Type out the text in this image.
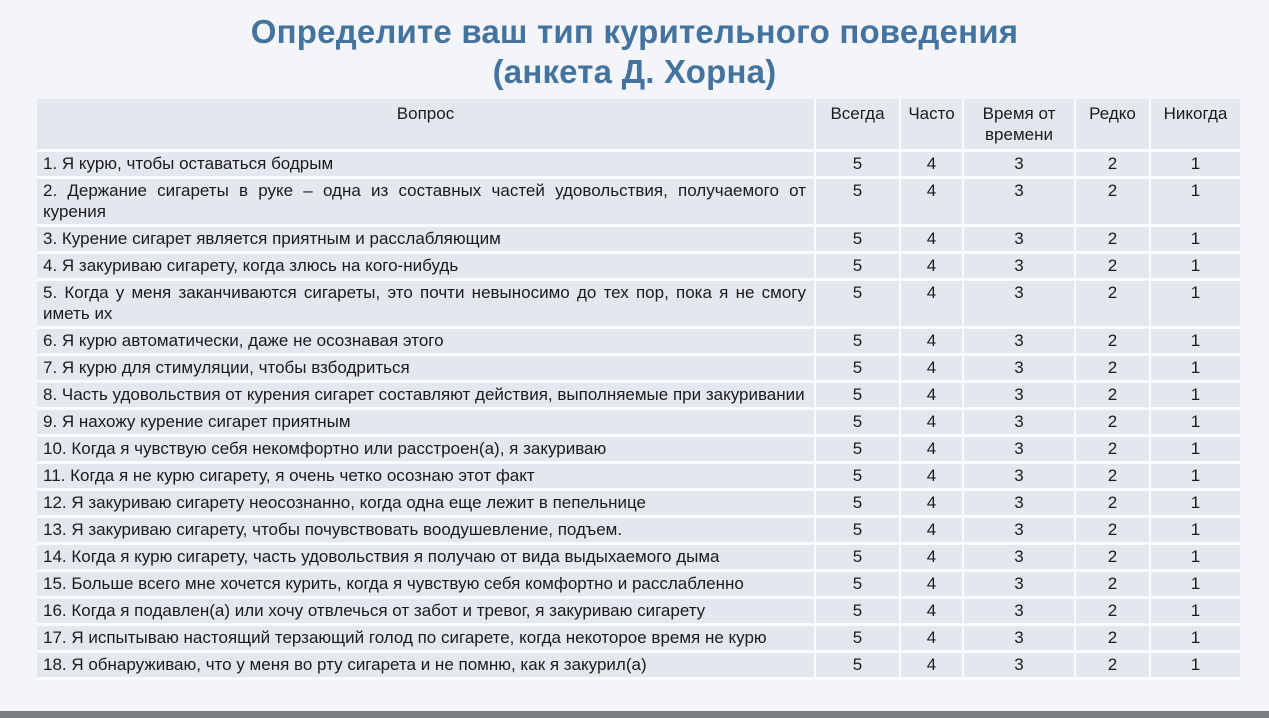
Определите ваш тип курительного поведения
(анкета Д. Хорна)
Вопрос	Всегда	Часто	Время от времени	Редко	Никогда
1. Я курю, чтобы оставаться бодрым	5	4	3	2	1
2. Держание сигареты в руке – одна из составных частей удовольствия, получаемого от курения	5	4	3	2	1
3. Курение сигарет является приятным и расслабляющим	5	4	3	2	1
4. Я закуриваю сигарету, когда злюсь на кого-нибудь	5	4	3	2	1
5. Когда у меня заканчиваются сигареты, это почти невыносимо до тех пор, пока я не смогу иметь их	5	4	3	2	1
6. Я курю автоматически, даже не осознавая этого	5	4	3	2	1
7. Я курю для стимуляции, чтобы взбодриться	5	4	3	2	1
8. Часть удовольствия от курения сигарет составляют действия, выполняемые при закуривании	5	4	3	2	1
9. Я нахожу курение сигарет приятным	5	4	3	2	1
10. Когда я чувствую себя некомфортно или расстроен(а), я закуриваю	5	4	3	2	1
11. Когда я не курю сигарету, я очень четко осознаю этот факт	5	4	3	2	1
12. Я закуриваю сигарету неосознанно, когда одна еще лежит в пепельнице	5	4	3	2	1
13. Я закуриваю сигарету, чтобы почувствовать воодушевление, подъем.	5	4	3	2	1
14. Когда я курю сигарету, часть удовольствия я получаю от вида выдыхаемого дыма	5	4	3	2	1
15. Больше всего мне хочется курить, когда я чувствую себя комфортно и расслабленно	5	4	3	2	1
16. Когда я подавлен(а) или хочу отвлечься от забот и тревог, я закуриваю сигарету	5	4	3	2	1
17. Я испытываю настоящий терзающий голод по сигарете, когда некоторое время не курю	5	4	3	2	1
18. Я обнаруживаю, что у меня во рту сигарета и не помню, как я закурил(а)	5	4	3	2	1
